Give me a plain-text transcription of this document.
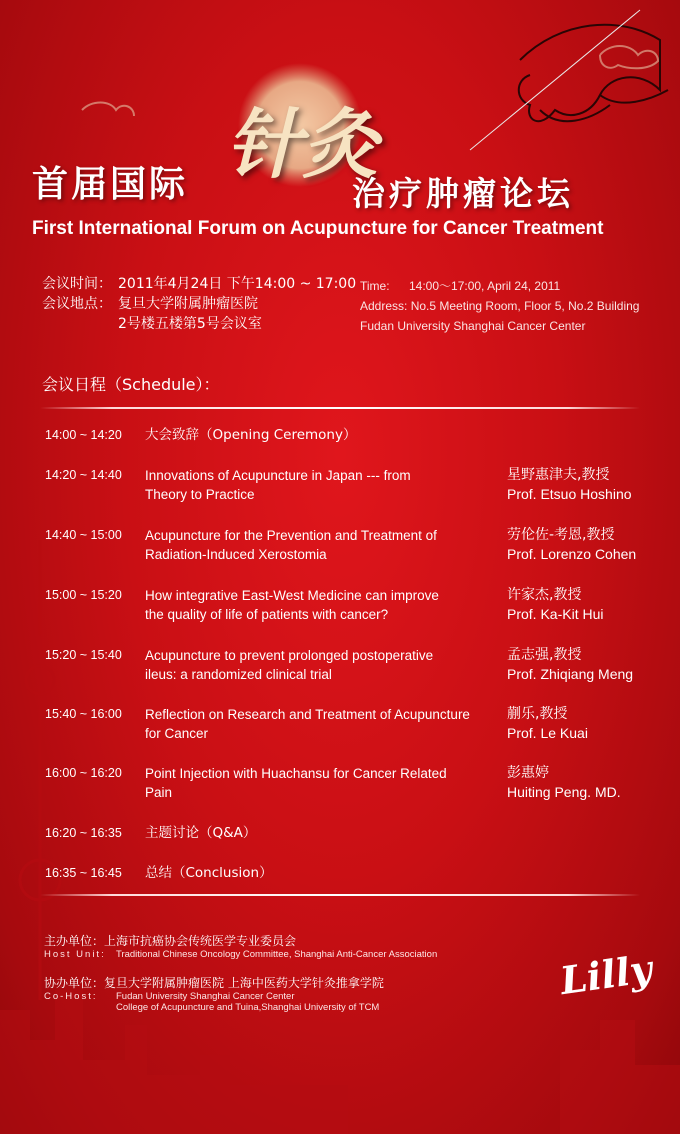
首届国际 针灸
治疗肿瘤论坛
First International Forum on Acupuncture for Cancer Treatment
会议时间： 2011年4月24日 下午14:00 ~ 17:00
会议地点： 复旦大学附属肿瘤医院
2号楼五楼第5号会议室
Time: 14:00～17:00, April 24, 2011
Address: No.5 Meeting Room, Floor 5, No.2 Building
Fudan University Shanghai Cancer Center
会议日程（Schedule）：
14:00 ~ 14:20 大会致辞（Opening Ceremony）
14:20 ~ 14:40 Innovations of Acupuncture in Japan --- from
Theory to Practice
星野惠津夫,教授
Prof. Etsuo Hoshino
14:40 ~ 15:00 Acupuncture for the Prevention and Treatment of
Radiation-Induced Xerostomia
劳伦佐-考恩,教授
Prof. Lorenzo Cohen
15:00 ~ 15:20 How integrative East-West Medicine can improve
the quality of life of patients with cancer?
许家杰,教授
Prof. Ka-Kit Hui
15:20 ~ 15:40 Acupuncture to prevent prolonged postoperative
ileus: a randomized clinical trial
孟志强,教授
Prof. Zhiqiang Meng
15:40 ~ 16:00 Reflection on Research and Treatment of Acupuncture
for Cancer
蒯乐,教授
Prof. Le Kuai
16:00 ~ 16:20 Point Injection with Huachansu for Cancer Related
Pain
彭惠婷
Huiting Peng. MD.
16:20 ~ 16:35 主题讨论（Q&A）
16:35 ~ 16:45 总结（Conclusion）
主办单位：上海市抗癌协会传统医学专业委员会
Host Unit: Traditional Chinese Oncology Committee, Shanghai Anti-Cancer Association
协办单位：复旦大学附属肿瘤医院 上海中医药大学针灸推拿学院
Co-Host: Fudan University Shanghai Cancer Center
College of Acupuncture and Tuina,Shanghai University of TCM
Lilly
